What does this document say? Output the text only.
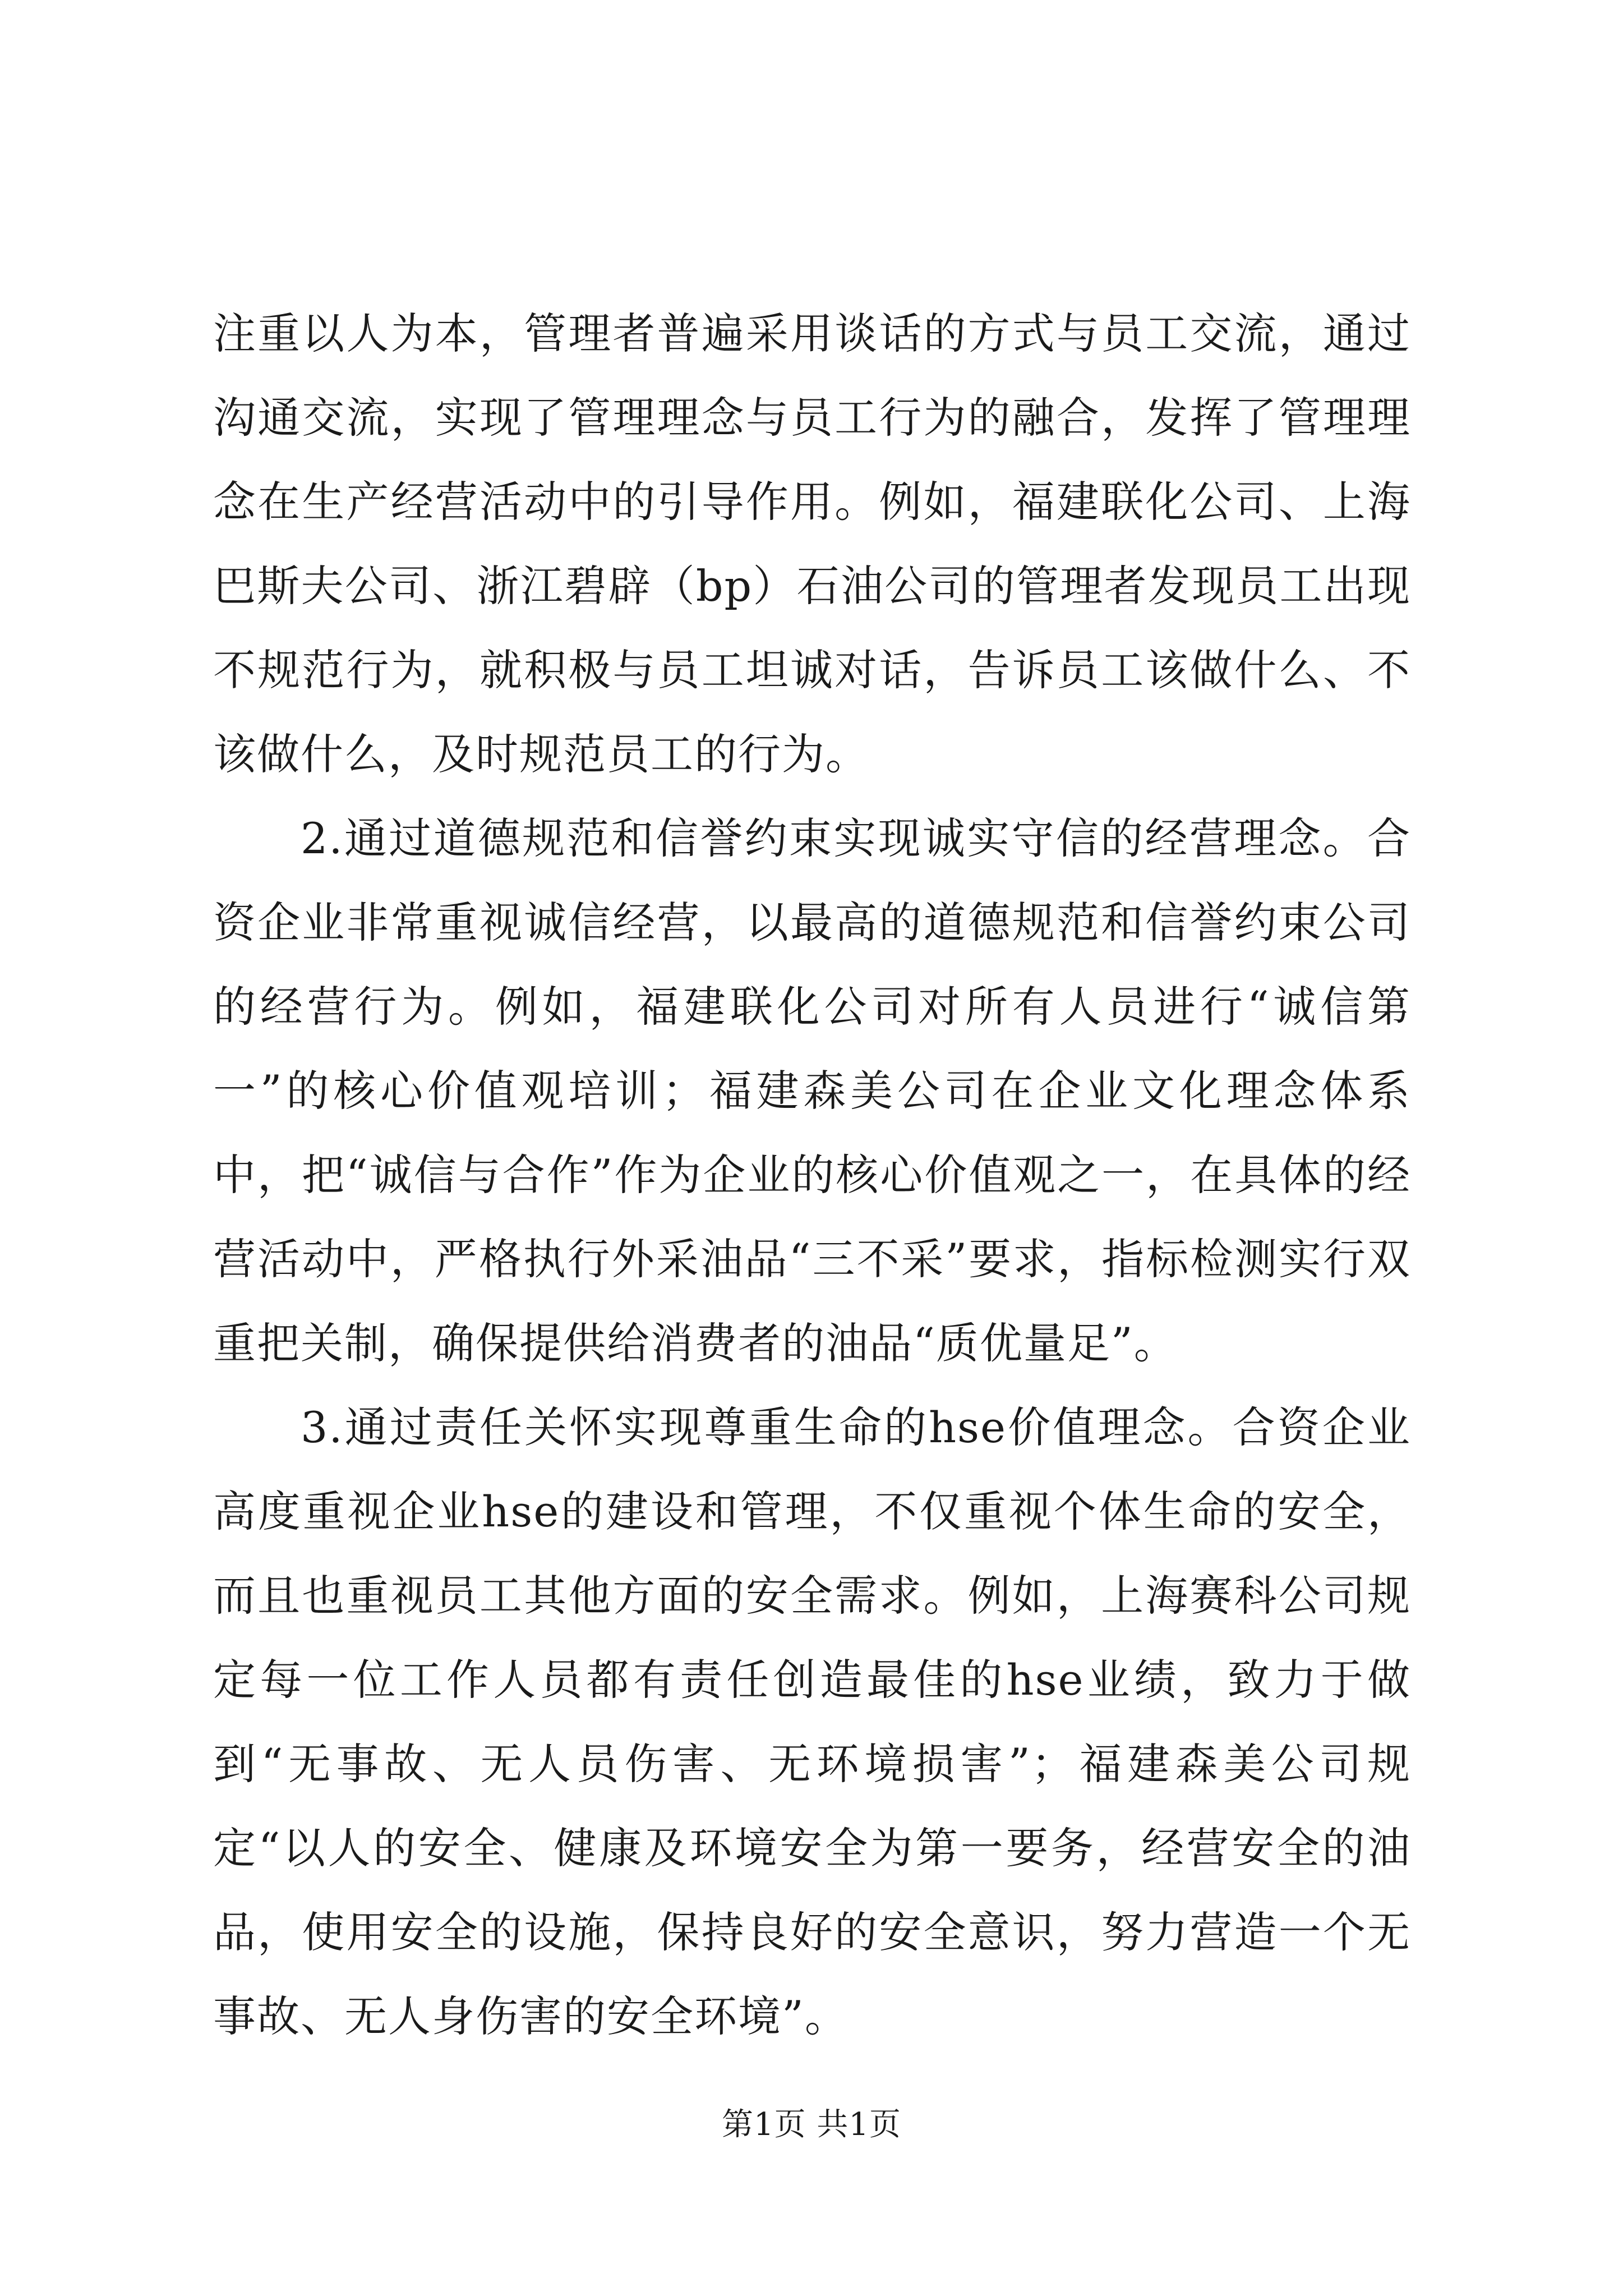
注重以人为本，管理者普遍采用谈话的方式与员工交流，通过沟通交流，实现了管理理念与员工行为的融合，发挥了管理理念在生产经营活动中的引导作用。例如，福建联化公司、上海巴斯夫公司、浙江碧辟（bp）石油公司的管理者发现员工出现不规范行为，就积极与员工坦诚对话，告诉员工该做什么、不该做什么，及时规范员工的行为。

2.通过道德规范和信誉约束实现诚实守信的经营理念。合资企业非常重视诚信经营，以最高的道德规范和信誉约束公司的经营行为。例如，福建联化公司对所有人员进行“诚信第一”的核心价值观培训；福建森美公司在企业文化理念体系中，把“诚信与合作”作为企业的核心价值观之一，在具体的经营活动中，严格执行外采油品“三不采”要求，指标检测实行双重把关制，确保提供给消费者的油品“质优量足”。

3.通过责任关怀实现尊重生命的hse价值理念。合资企业高度重视企业hse的建设和管理，不仅重视个体生命的安全，而且也重视员工其他方面的安全需求。例如，上海赛科公司规定每一位工作人员都有责任创造最佳的hse业绩，致力于做到“无事故、无人员伤害、无环境损害”；福建森美公司规定“以人的安全、健康及环境安全为第一要务，经营安全的油品，使用安全的设施，保持良好的安全意识，努力营造一个无事故、无人身伤害的安全环境”。

第1页 共1页
